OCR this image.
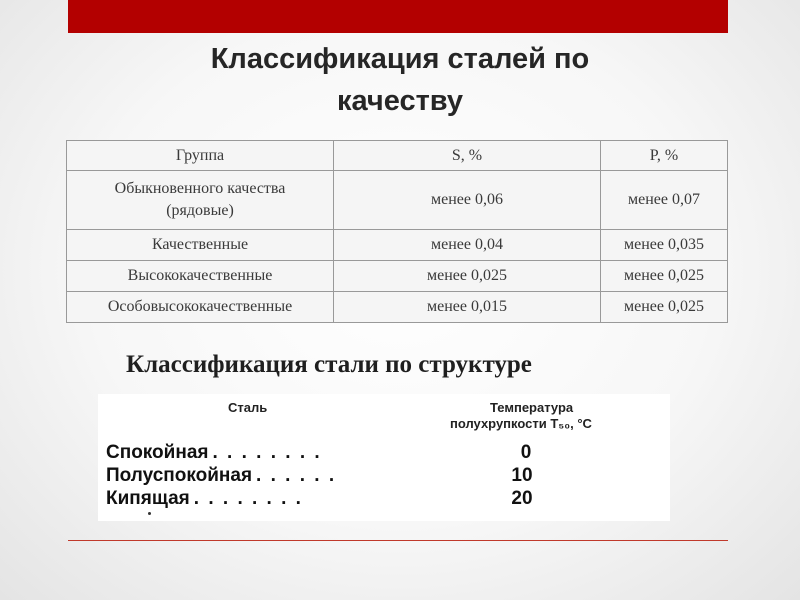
Классификация сталей по
качеству
Группа	S, %	P, %

Обыкновенного качества
(рядовые)	менее 0,06	менее 0,07
Качественные	менее 0,04	менее 0,035
Высококачественные	менее 0,025	менее 0,025
Особовысококачественные	менее 0,015	менее 0,025
Классификация стали по структуре
Сталь	Температура
полухрупкости T₅₀, °C
Спокойная . . . . . . . .	0
Полуспокойная . . . . . .	10
Кипящая . . . . . . . .	20
